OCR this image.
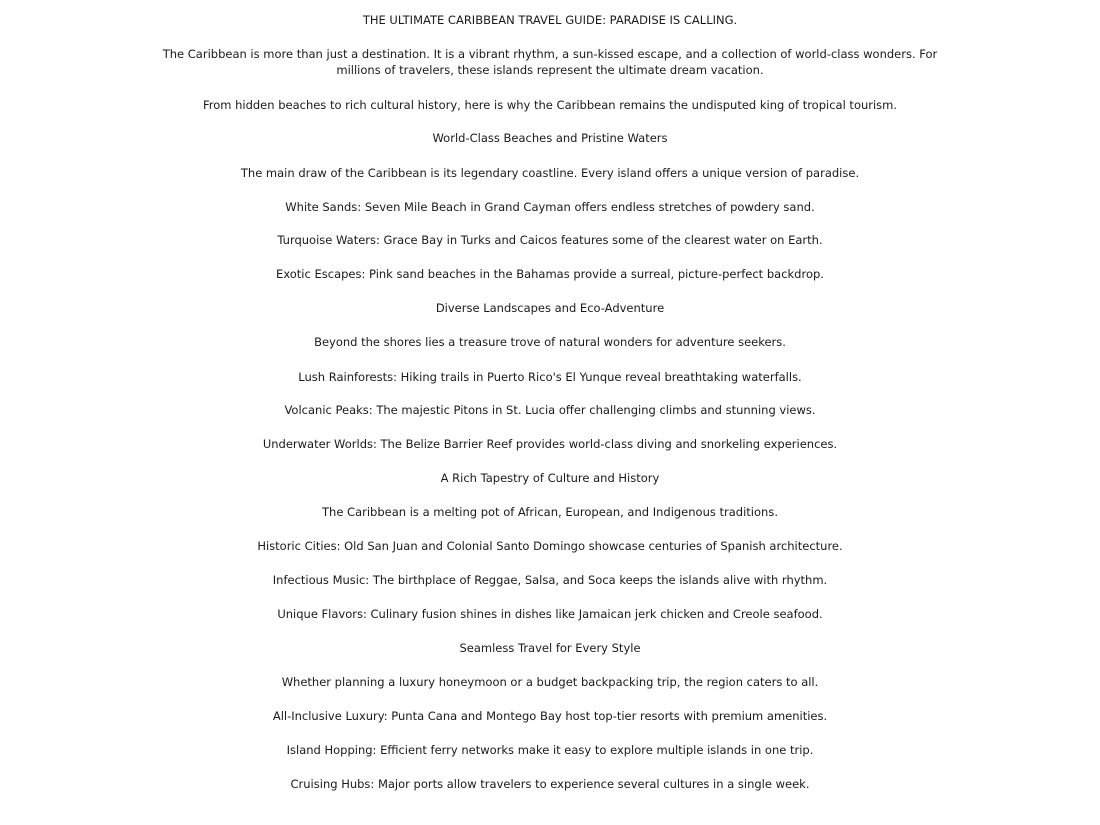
THE ULTIMATE CARIBBEAN TRAVEL GUIDE: PARADISE IS CALLING.
The Caribbean is more than just a destination. It is a vibrant rhythm, a sun-kissed escape, and a collection of world-class wonders. For millions of travelers, these islands represent the ultimate dream vacation.
From hidden beaches to rich cultural history, here is why the Caribbean remains the undisputed king of tropical tourism.
World-Class Beaches and Pristine Waters
The main draw of the Caribbean is its legendary coastline. Every island offers a unique version of paradise.
White Sands: Seven Mile Beach in Grand Cayman offers endless stretches of powdery sand.
Turquoise Waters: Grace Bay in Turks and Caicos features some of the clearest water on Earth.
Exotic Escapes: Pink sand beaches in the Bahamas provide a surreal, picture-perfect backdrop.
Diverse Landscapes and Eco-Adventure
Beyond the shores lies a treasure trove of natural wonders for adventure seekers.
Lush Rainforests: Hiking trails in Puerto Rico's El Yunque reveal breathtaking waterfalls.
Volcanic Peaks: The majestic Pitons in St. Lucia offer challenging climbs and stunning views.
Underwater Worlds: The Belize Barrier Reef provides world-class diving and snorkeling experiences.
A Rich Tapestry of Culture and History
The Caribbean is a melting pot of African, European, and Indigenous traditions.
Historic Cities: Old San Juan and Colonial Santo Domingo showcase centuries of Spanish architecture.
Infectious Music: The birthplace of Reggae, Salsa, and Soca keeps the islands alive with rhythm.
Unique Flavors: Culinary fusion shines in dishes like Jamaican jerk chicken and Creole seafood.
Seamless Travel for Every Style
Whether planning a luxury honeymoon or a budget backpacking trip, the region caters to all.
All-Inclusive Luxury: Punta Cana and Montego Bay host top-tier resorts with premium amenities.
Island Hopping: Efficient ferry networks make it easy to explore multiple islands in one trip.
Cruising Hubs: Major ports allow travelers to experience several cultures in a single week.
